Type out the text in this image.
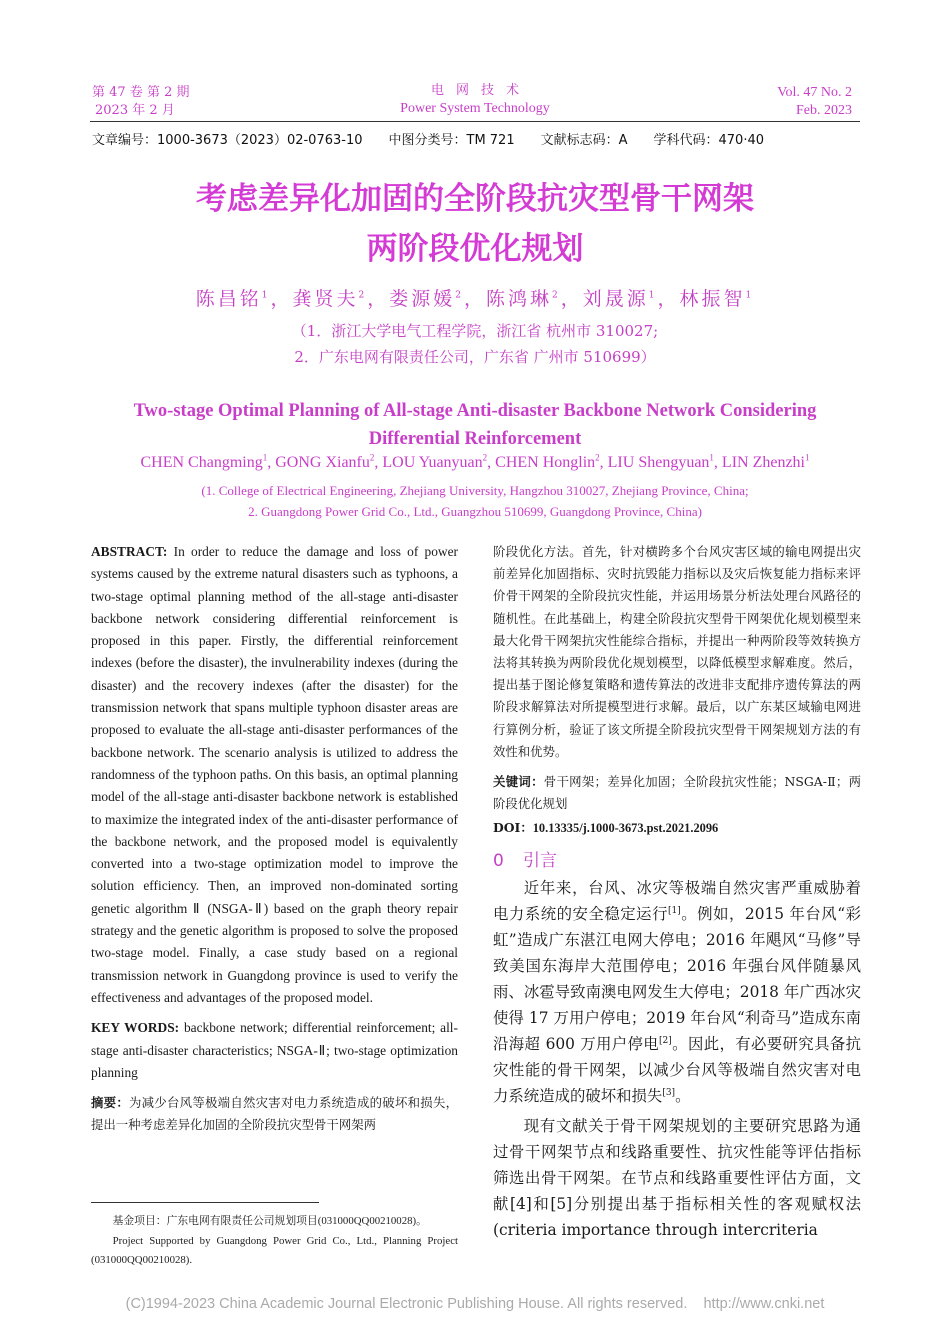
第 47 卷 第 2 期
2023 年 2 月
电网技术
Power System Technology
Vol. 47 No. 2
Feb. 2023
文章编号：1000-3673（2023）02-0763-10 中图分类号：TM 721 文献标志码：A 学科代码：470·40
考虑差异化加固的全阶段抗灾型骨干网架
两阶段优化规划
陈昌铭$^1$，龚贤夫$^2$，娄源媛$^2$，陈鸿琳$^2$，刘晟源$^1$，林振智$^1$
（1．浙江大学电气工程学院，浙江省 杭州市 310027;
2．广东电网有限责任公司，广东省 广州市 510699）
Two-stage Optimal Planning of All-stage Anti-disaster Backbone Network Considering
Differential Reinforcement
CHEN Changming$^1$, GONG Xianfu$^2$, LOU Yuanyuan$^2$, CHEN Honglin$^2$, LIU Shengyuan$^1$, LIN Zhenzhi$^1$
(1. College of Electrical Engineering, Zhejiang University, Hangzhou 310027, Zhejiang Province, China;
2. Guangdong Power Grid Co., Ltd., Guangzhou 510699, Guangdong Province, China)

ABSTRACT: In order to reduce the damage and loss of power systems caused by the extreme natural disasters such as typhoons, a two-stage optimal planning method of the all-stage anti-disaster backbone network considering differential reinforcement is proposed in this paper. Firstly, the differential reinforcement indexes (before the disaster), the invulnerability indexes (during the disaster) and the recovery indexes (after the disaster) for the transmission network that spans multiple typhoon disaster areas are proposed to evaluate the all-stage anti-disaster performances of the backbone network. The scenario analysis is utilized to address the randomness of the typhoon paths. On this basis, an optimal planning model of the all-stage anti-disaster backbone network is established to maximize the integrated index of the anti-disaster performance of the backbone network, and the proposed model is equivalently converted into a two-stage optimization model to improve the solution efficiency. Then, an improved non-dominated sorting genetic algorithm Ⅱ (NSGA-Ⅱ) based on the graph theory repair strategy and the genetic algorithm is proposed to solve the proposed two-stage model. Finally, a case study based on a regional transmission network in Guangdong province is used to verify the effectiveness and advantages of the proposed model.

KEY WORDS: backbone network; differential reinforcement; all-stage anti-disaster characteristics; NSGA-Ⅱ; two-stage optimization planning

摘要：为减少台风等极端自然灾害对电力系统造成的破坏和损失，提出一种考虑差异化加固的全阶段抗灾型骨干网架两

基金项目：广东电网有限责任公司规划项目(031000QQ00210028)。

Project Supported by Guangdong Power Grid Co., Ltd., Planning Project (031000QQ00210028).

阶段优化方法。首先，针对横跨多个台风灾害区域的输电网提出灾前差异化加固指标、灾时抗毁能力指标以及灾后恢复能力指标来评价骨干网架的全阶段抗灾性能，并运用场景分析法处理台风路径的随机性。在此基础上，构建全阶段抗灾型骨干网架优化规划模型来最大化骨干网架抗灾性能综合指标，并提出一种两阶段等效转换方法将其转换为两阶段优化规划模型，以降低模型求解难度。然后，提出基于图论修复策略和遗传算法的改进非支配排序遗传算法的两阶段求解算法对所提模型进行求解。最后，以广东某区域输电网进行算例分析，验证了该文所提全阶段抗灾型骨干网架规划方法的有效性和优势。

关键词：骨干网架；差异化加固；全阶段抗灾性能；NSGA-Ⅱ；两阶段优化规划

DOI：10.13335/j.1000-3673.pst.2021.2096

0 引言

近年来，台风、冰灾等极端自然灾害严重威胁着电力系统的安全稳定运行[1]。例如，2015 年台风“彩虹”造成广东湛江电网大停电；2016 年飓风“马修”导致美国东海岸大范围停电；2016 年强台风伴随暴风雨、冰雹导致南澳电网发生大停电；2018 年广西冰灾使得 17 万用户停电；2019 年台风“利奇马”造成东南沿海超 600 万用户停电[2]。因此，有必要研究具备抗灾性能的骨干网架，以减少台风等极端自然灾害对电力系统造成的破坏和损失[3]。

现有文献关于骨干网架规划的主要研究思路为通过骨干网架节点和线路重要性、抗灾性能等评估指标筛选出骨干网架。在节点和线路重要性评估方面，文献[4]和[5]分别提出基于指标相关性的客观赋权法(criteria importance through intercriteria

(C)1994-2023 China Academic Journal Electronic Publishing House. All rights reserved.    http://www.cnki.net
